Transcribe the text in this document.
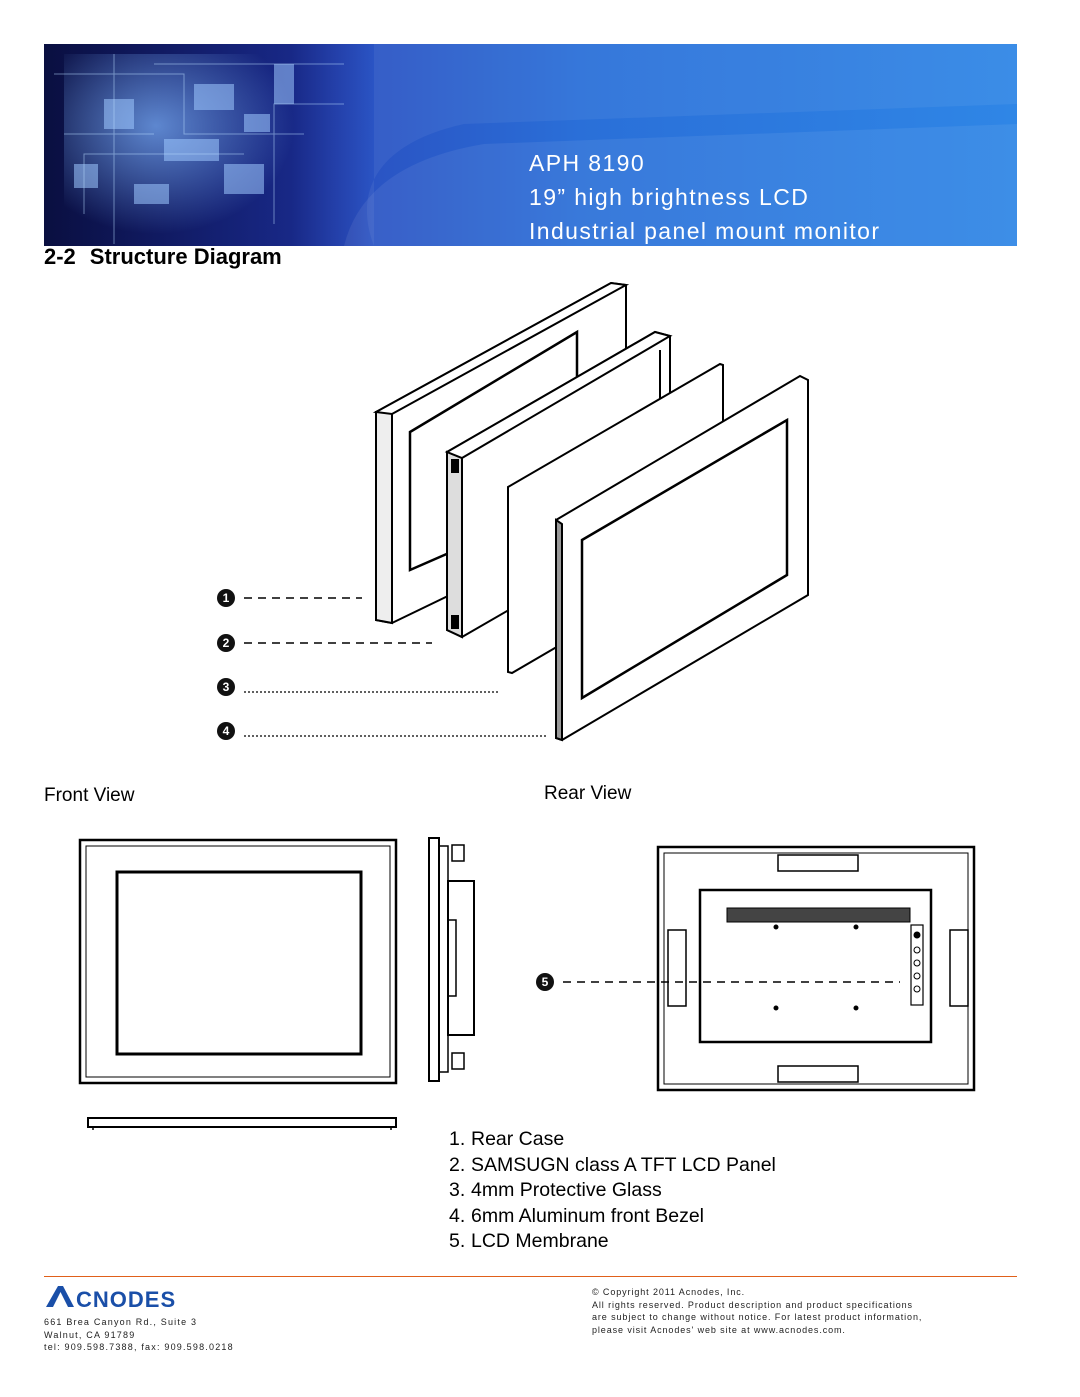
APH 8190
19” high brightness LCD
Industrial panel mount monitor
2-2 Structure Diagram
1
2
3
4
5
Front View	Rear View
1. Rear Case
2. SAMSUGN class A TFT LCD Panel
3. 4mm Protective Glass
4. 6mm Aluminum front Bezel
5. LCD Membrane
CNODES
661 Brea Canyon Rd., Suite 3
Walnut, CA 91789
tel: 909.598.7388, fax: 909.598.0218
© Copyright 2011 Acnodes, Inc.
All rights reserved. Product description and product specifications
are subject to change without notice. For latest product information,
please visit Acnodes' web site at www.acnodes.com.
